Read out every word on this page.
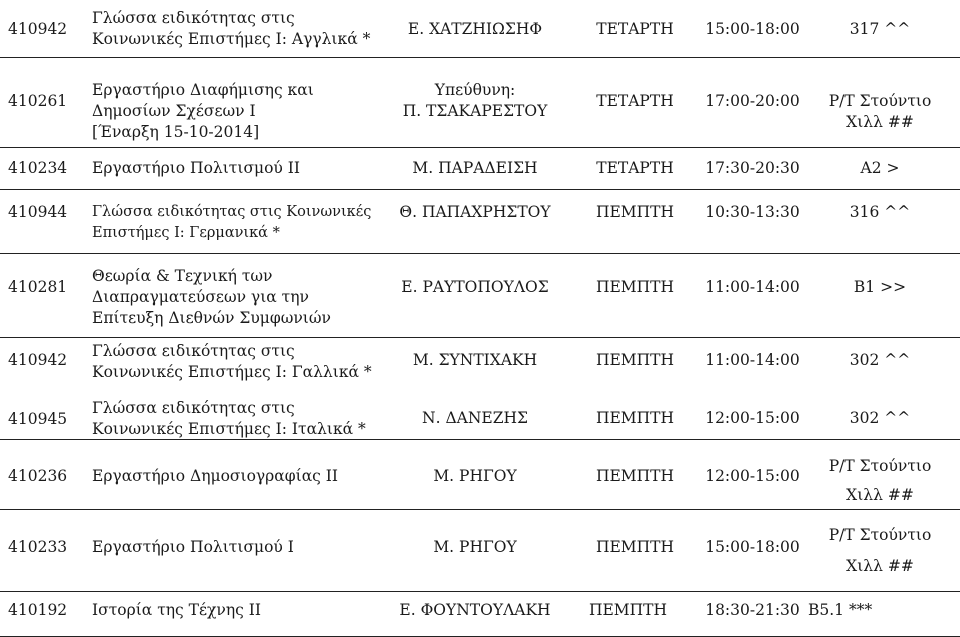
410942
Γλώσσα ειδικότητας στις
Κοινωνικές Επιστήμες Ι: Αγγλικά *
Ε. ΧΑΤΖΗΙΩΣΗΦ	ΤΕΤΑΡΤΗ	15:00-18:00	317 ^^
410261
Εργαστήριο Διαφήμισης και
Δημοσίων Σχέσεων Ι
[Έναρξη 15-10-2014]
Υπεύθυνη:
Π. ΤΣΑΚΑΡΕΣΤΟΥ
ΤΕΤΑΡΤΗ	17:00-20:00	Ρ/Τ Στούντιο
Χιλλ ##
410234 Εργαστήριο Πολιτισμού ΙΙ	Μ. ΠΑΡΑΔΕΙΣΗ	ΤΕΤΑΡΤΗ	17:30-20:30	Α2 >
410944 Γλώσσα ειδικότητας στις Κοινωνικές
Επιστήμες Ι: Γερμανικά *
Θ. ΠΑΠΑΧΡΗΣΤΟΥ	ΠΕΜΠΤΗ	10:30-13:30	316 ^^
410281
Θεωρία & Τεχνική των
Διαπραγματεύσεων για την
Επίτευξη Διεθνών Συμφωνιών
Ε. ΡΑΥΤΟΠΟΥΛΟΣ	ΠΕΜΠΤΗ	11:00-14:00	Β1 >>
410942 Γλώσσα ειδικότητας στις
Κοινωνικές Επιστήμες Ι: Γαλλικά *
Μ. ΣΥΝΤΙΧΑΚΗ	ΠΕΜΠΤΗ	11:00-14:00	302 ^^
410945
Γλώσσα ειδικότητας στις
Κοινωνικές Επιστήμες Ι: Ιταλικά *
Ν. ΔΑΝΕΖΗΣ	ΠΕΜΠΤΗ	12:00-15:00	302 ^^
410236 Εργαστήριο Δημοσιογραφίας ΙΙ	Μ. ΡΗΓΟΥ	ΠΕΜΠΤΗ	12:00-15:00
Ρ/Τ Στούντιο
Χιλλ ##
410233 Εργαστήριο Πολιτισμού Ι	Μ. ΡΗΓΟΥ	ΠΕΜΠΤΗ	15:00-18:00
Ρ/Τ Στούντιο
Χιλλ ##
410192 Ιστορία της Τέχνης ΙΙ	Ε. ΦΟΥΝΤΟΥΛΑΚΗ	ΠΕΜΠΤΗ	18:30-21:30 Β5.1 ***
